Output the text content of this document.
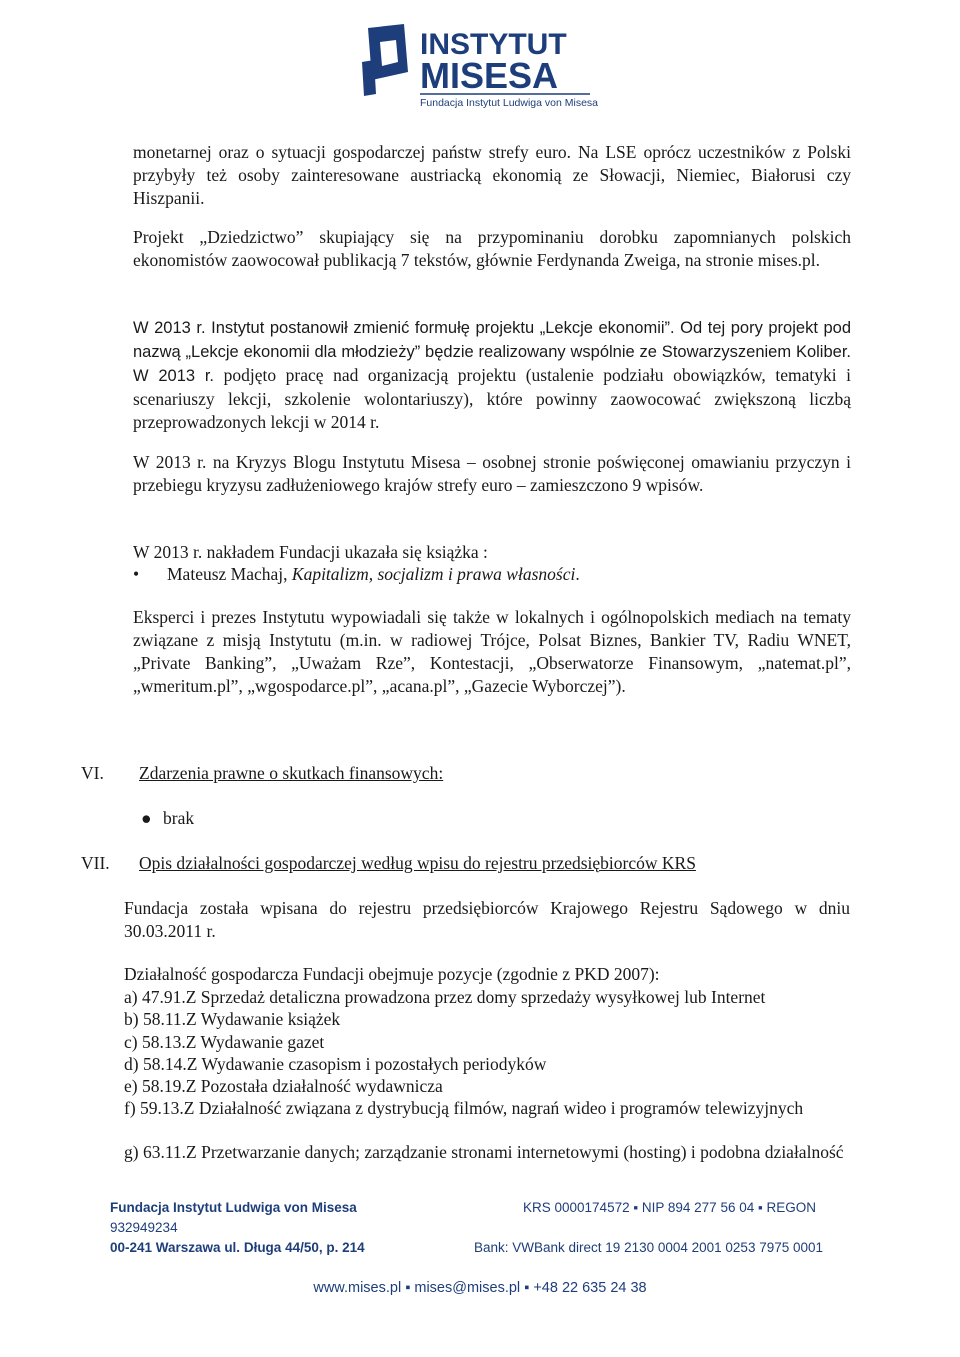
INSTYTUT
MISESA
Fundacja Instytut Ludwiga von Misesa

monetarnej oraz o sytuacji gospodarczej państw strefy euro. Na LSE oprócz uczestników z Polski przybyły też osoby zainteresowane austriacką ekonomią ze Słowacji, Niemiec, Białorusi czy Hiszpanii.

Projekt „Dziedzictwo” skupiający się na przypominaniu dorobku zapomnianych polskich ekonomistów zaowocował publikacją 7 tekstów, głównie Ferdynanda Zweiga, na stronie mises.pl.

W 2013 r. Instytut postanowił zmienić formułę projektu „Lekcje ekonomii”. Od tej pory projekt pod nazwą „Lekcje ekonomii dla młodzieży” będzie realizowany wspólnie ze Stowarzyszeniem Koliber. W 2013 r. podjęto pracę nad organizacją projektu (ustalenie podziału obowiązków, tematyki i scenariuszy lekcji, szkolenie wolontariuszy), które powinny zaowocować zwiększoną liczbą przeprowadzonych lekcji w 2014 r.

W 2013 r. na Kryzys Blogu Instytutu Misesa – osobnej stronie poświęconej omawianiu przyczyn i przebiegu kryzysu zadłużeniowego krajów strefy euro – zamieszczono 9 wpisów.

W 2013 r. nakładem Fundacji ukazała się książka :

• Mateusz Machaj, Kapitalizm, socjalizm i prawa własności.

Eksperci i prezes Instytutu wypowiadali się także w lokalnych i ogólnopolskich mediach na tematy związane z misją Instytutu (m.in. w radiowej Trójce, Polsat Biznes, Bankier TV, Radiu WNET, „Private Banking”, „Uważam Rze”, Kontestacji, „Obserwatorze Finansowym, „natemat.pl”, „wmeritum.pl”, „wgospodarce.pl”, „acana.pl”, „Gazecie Wyborczej”).

VI.	Zdarzenia prawne o skutkach finansowych:
● brak
VII.	Opis działalności gospodarczej według wpisu do rejestru przedsiębiorców KRS

Fundacja została wpisana do rejestru przedsiębiorców Krajowego Rejestru Sądowego w dniu 30.03.2011 r.

Działalność gospodarcza Fundacji obejmuje pozycje (zgodnie z PKD 2007):

a) 47.91.Z Sprzedaż detaliczna prowadzona przez domy sprzedaży wysyłkowej lub Internet

b) 58.11.Z Wydawanie książek

c) 58.13.Z Wydawanie gazet

d) 58.14.Z Wydawanie czasopism i pozostałych periodyków

e) 58.19.Z Pozostała działalność wydawnicza

f) 59.13.Z Działalność związana z dystrybucją filmów, nagrań wideo i programów telewizyjnych

g) 63.11.Z Przetwarzanie danych; zarządzanie stronami internetowymi (hosting) i podobna działalność

Fundacja Instytut Ludwiga von Misesa	KRS 0000174572 ▪ NIP 894 277 56 04 ▪ REGON
932949234
00-241 Warszawa ul. Długa 44/50, p. 214	Bank: VWBank direct 19 2130 0004 2001 0253 7975 0001
www.mises.pl ▪ mises@mises.pl ▪ +48 22 635 24 38
